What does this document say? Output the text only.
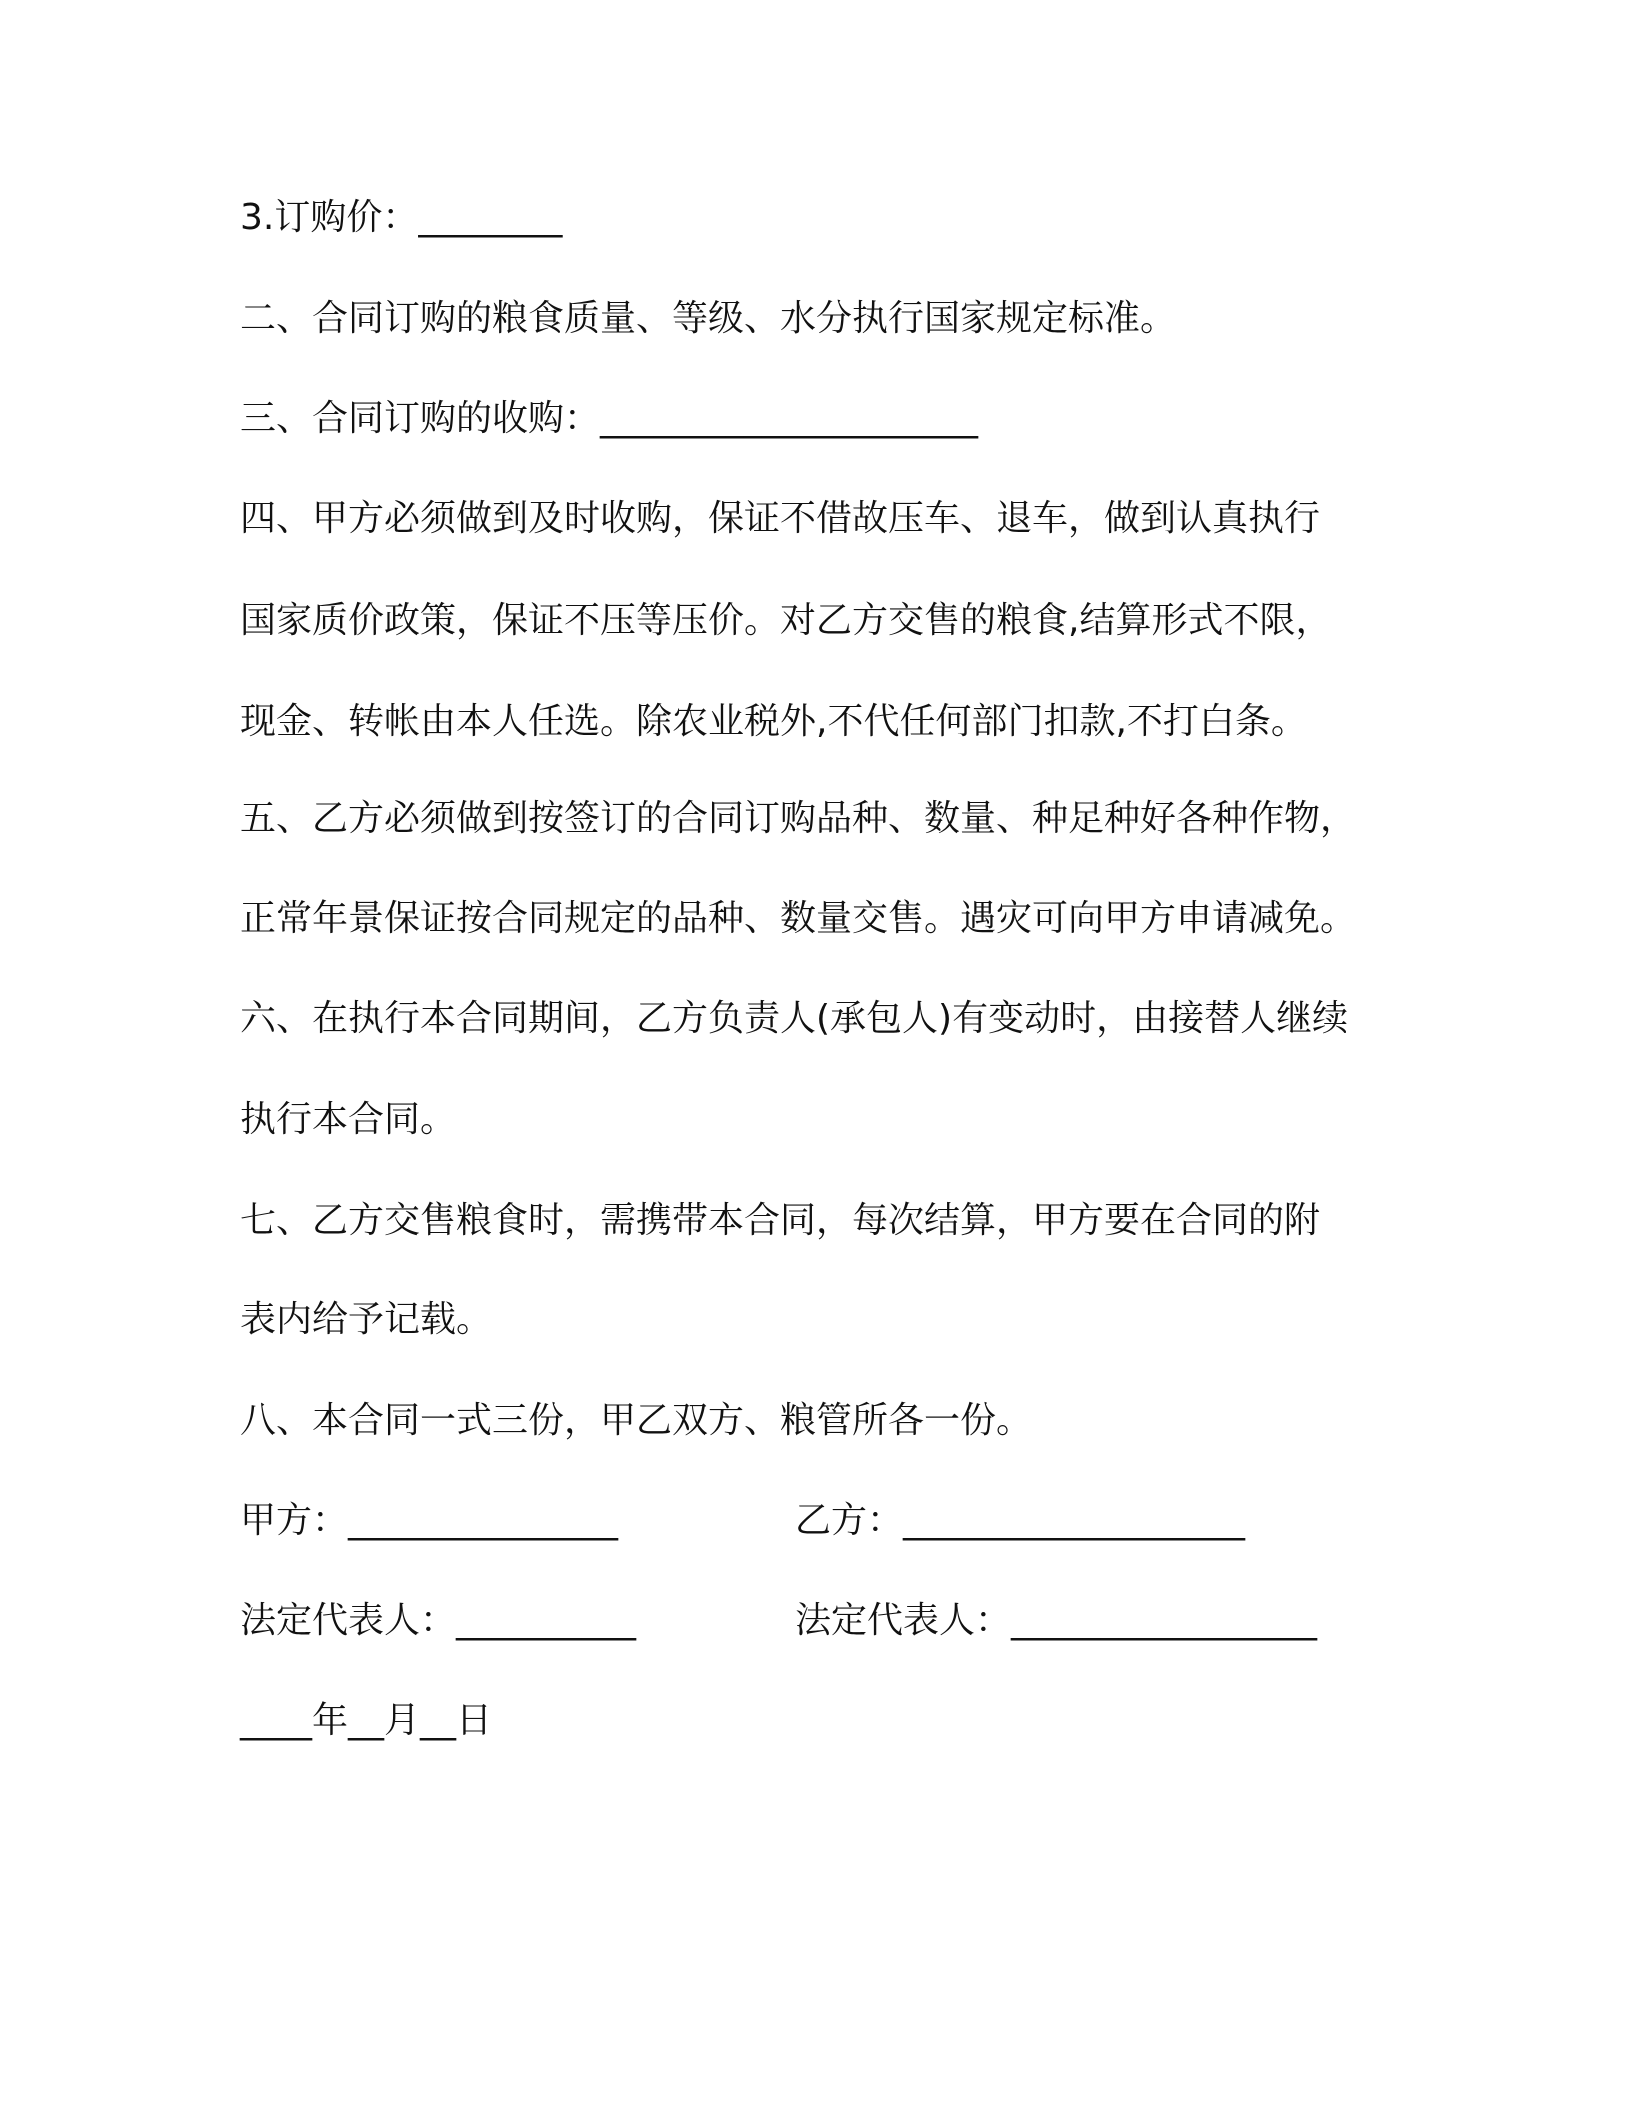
3.订购价：________
二、合同订购的粮食质量、等级、水分执行国家规定标准。
三、合同订购的收购：_____________________
四、甲方必须做到及时收购，保证不借故压车、退车，做到认真执行
国家质价政策，保证不压等压价。对乙方交售的粮食,结算形式不限，
现金、转帐由本人任选。除农业税外,不代任何部门扣款,不打白条。
五、乙方必须做到按签订的合同订购品种、数量、种足种好各种作物，
正常年景保证按合同规定的品种、数量交售。遇灾可向甲方申请减免。
六、在执行本合同期间，乙方负责人(承包人)有变动时，由接替人继续
执行本合同。
七、乙方交售粮食时，需携带本合同，每次结算，甲方要在合同的附
表内给予记载。
八、本合同一式三份，甲乙双方、粮管所各一份。
甲方：_______________	乙方：___________________
法定代表人：__________	法定代表人：_________________
____年__月__日
